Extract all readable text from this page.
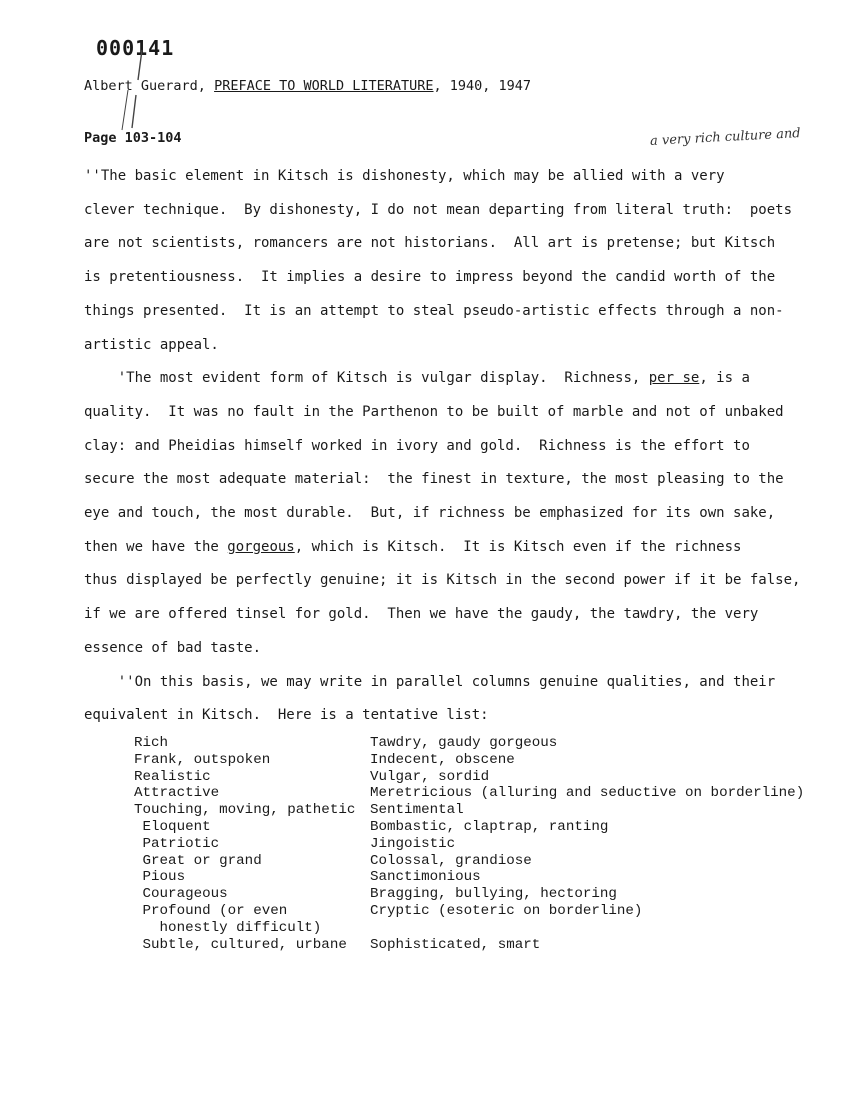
000141
Albert Guerard, PREFACE TO WORLD LITERATURE, 1940, 1947
Page 103-104	a very rich culture and
''The basic element in Kitsch is dishonesty, which may be allied with a very
clever technique.  By dishonesty, I do not mean departing from literal truth:  poets
are not scientists, romancers are not historians.  All art is pretense; but Kitsch
is pretentiousness.  It implies a desire to impress beyond the candid worth of the
things presented.  It is an attempt to steal pseudo-artistic effects through a non-
artistic appeal.
'The most evident form of Kitsch is vulgar display.  Richness, per se, is a
quality.  It was no fault in the Parthenon to be built of marble and not of unbaked
clay: and Pheidias himself worked in ivory and gold.  Richness is the effort to
secure the most adequate material:  the finest in texture, the most pleasing to the
eye and touch, the most durable.  But, if richness be emphasized for its own sake,
then we have the gorgeous, which is Kitsch.  It is Kitsch even if the richness
thus displayed be perfectly genuine; it is Kitsch in the second power if it be false,
if we are offered tinsel for gold.  Then we have the gaudy, the tawdry, the very
essence of bad taste.
''On this basis, we may write in parallel columns genuine qualities, and their
equivalent in Kitsch.  Here is a tentative list:
Rich	Tawdry, gaudy gorgeous
Frank, outspoken	Indecent, obscene
Realistic	Vulgar, sordid
Attractive	Meretricious (alluring and seductive on borderline)
Touching, moving, pathetic	Sentimental
Eloquent	Bombastic, claptrap, ranting
Patriotic	Jingoistic
Great or grand	Colossal, grandiose
Pious	Sanctimonious
Courageous	Bragging, bullying, hectoring
Profound (or even	Cryptic (esoteric on borderline)
honestly difficult)
Subtle, cultured, urbane	Sophisticated, smart
